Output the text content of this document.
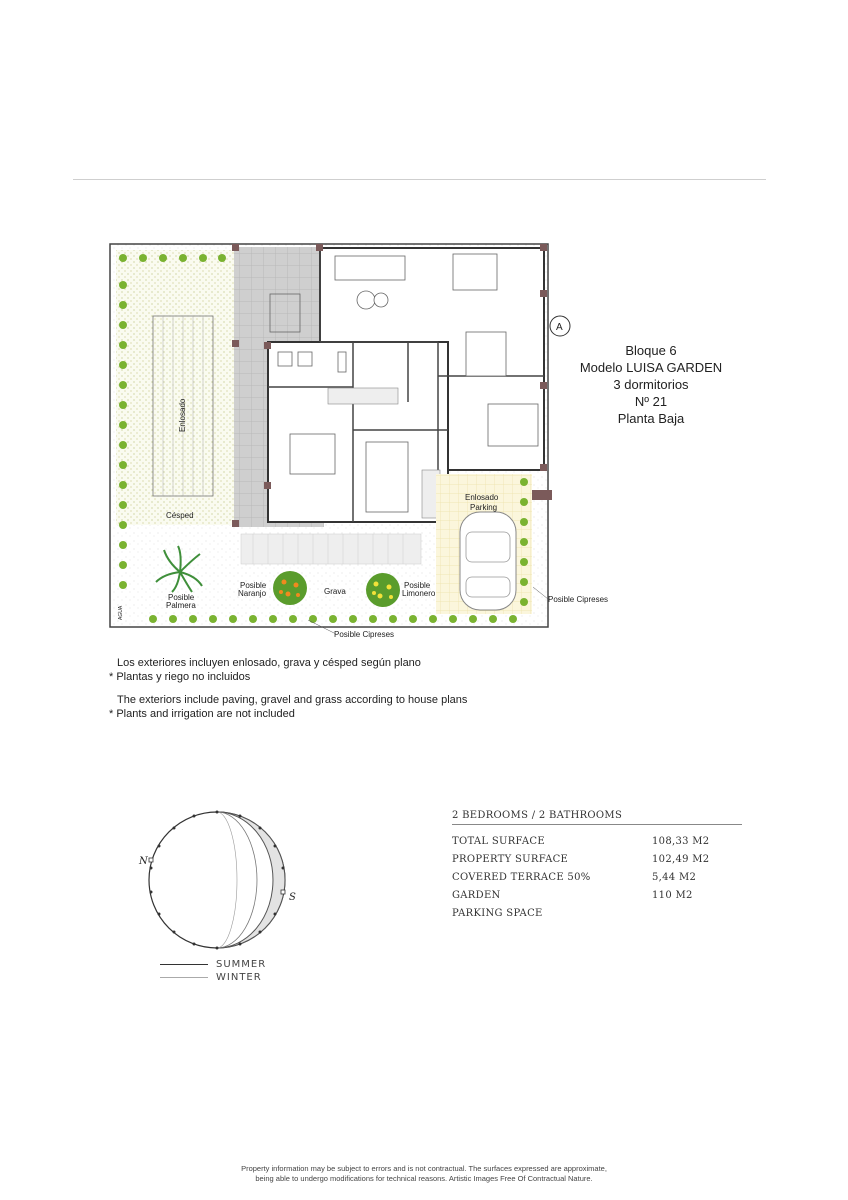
Enlosado
Césped
Enlosado
Parking
Posible
Palmera
Posible
Naranjo	Grava
Posible
Limonero
Posible Cipreses
Posible Cipreses
AGUA
A
Bloque 6
Modelo LUISA GARDEN
3 dormitorios
Nº 21
Planta Baja
Los exteriores incluyen enlosado, grava y césped según plano
* Plantas y riego no incluidos
The exteriors include paving, gravel and grass according to house plans
* Plants and irrigation are not included
N
S
SUMMER
WINTER
2 BEDROOMS / 2 BATHROOMS
TOTAL SURFACE	108,33 M2
PROPERTY SURFACE	102,49 M2
COVERED TERRACE 50%	5,44 M2
GARDEN	110 M2
PARKING SPACE
Property information may be subject to errors and is not contractual. The surfaces expressed are approximate,
being able to undergo modifications for technical reasons. Artistic Images Free Of Contractual Nature.
